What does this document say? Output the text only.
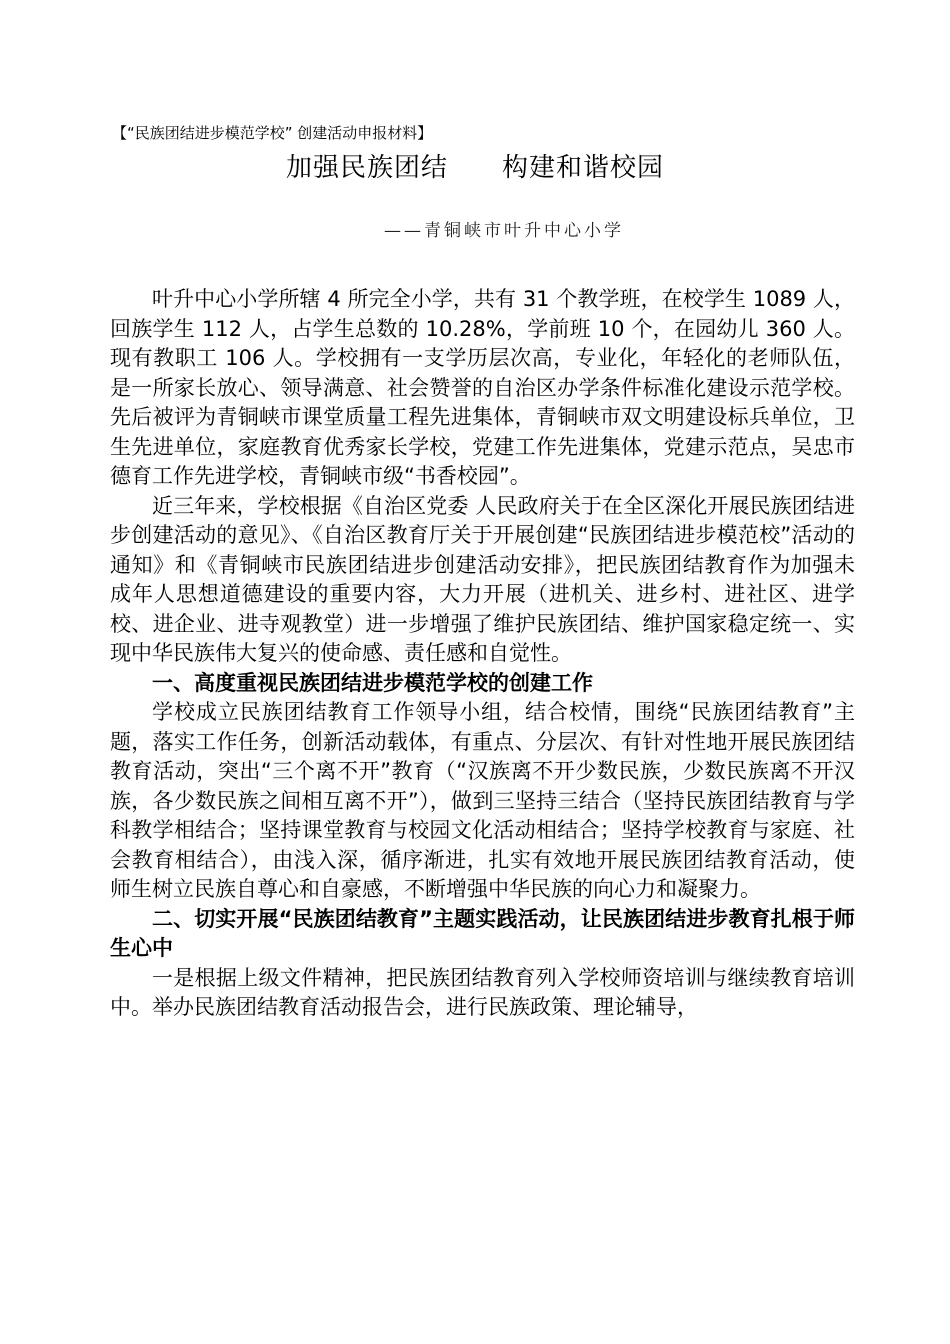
【“民族团结进步模范学校” 创建活动申报材料】
加强民族团结　　构建和谐校园
——青铜峡市叶升中心小学

叶升中心小学所辖 4 所完全小学，共有 31 个教学班，在校学生 1089 人，回族学生 112 人，占学生总数的 10.28%，学前班 10 个，在园幼儿 360 人。现有教职工 106 人。学校拥有一支学历层次高，专业化，年轻化的老师队伍，是一所家长放心、领导满意、社会赞誉的自治区办学条件标准化建设示范学校。先后被评为青铜峡市课堂质量工程先进集体，青铜峡市双文明建设标兵单位，卫生先进单位，家庭教育优秀家长学校，党建工作先进集体，党建示范点，吴忠市德育工作先进学校，青铜峡市级“书香校园”。

近三年来，学校根据《自治区党委 人民政府关于在全区深化开展民族团结进步创建活动的意见》、《自治区教育厅关于开展创建“民族团结进步模范校”活动的通知》和《青铜峡市民族团结进步创建活动安排》，把民族团结教育作为加强未成年人思想道德建设的重要内容，大力开展（进机关、进乡村、进社区、进学校、进企业、进寺观教堂）进一步增强了维护民族团结、维护国家稳定统一、实现中华民族伟大复兴的使命感、责任感和自觉性。

一、高度重视民族团结进步模范学校的创建工作

学校成立民族团结教育工作领导小组，结合校情，围绕“民族团结教育”主题，落实工作任务，创新活动载体，有重点、分层次、有针对性地开展民族团结教育活动，突出“三个离不开”教育（“汉族离不开少数民族，少数民族离不开汉族，各少数民族之间相互离不开”），做到三坚持三结合（坚持民族团结教育与学科教学相结合；坚持课堂教育与校园文化活动相结合；坚持学校教育与家庭、社会教育相结合），由浅入深，循序渐进，扎实有效地开展民族团结教育活动，使师生树立民族自尊心和自豪感，不断增强中华民族的向心力和凝聚力。

二、切实开展“民族团结教育”主题实践活动，让民族团结进步教育扎根于师生心中

一是根据上级文件精神，把民族团结教育列入学校师资培训与继续教育培训中。举办民族团结教育活动报告会，进行民族政策、理论辅导，
